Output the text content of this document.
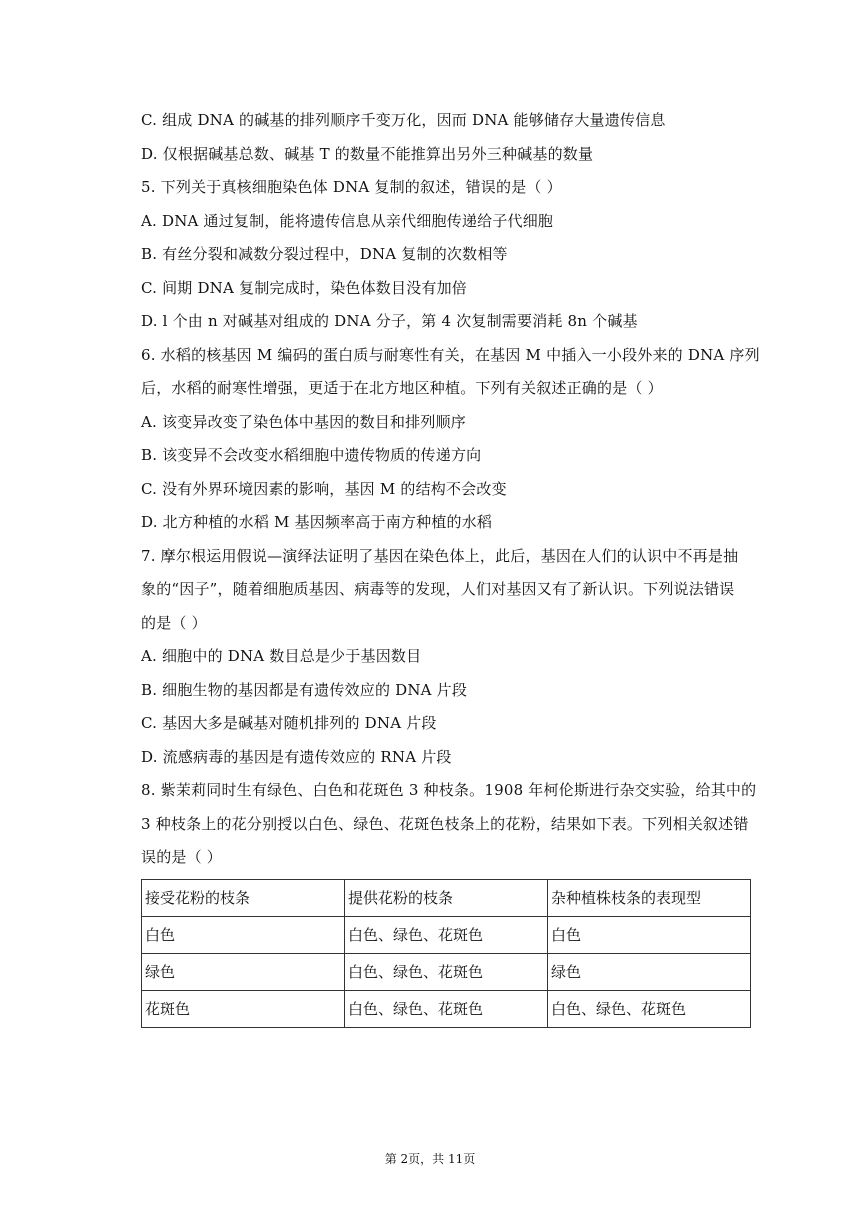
C. 组成 DNA 的碱基的排列顺序千变万化，因而 DNA 能够储存大量遗传信息
D. 仅根据碱基总数、碱基 T 的数量不能推算出另外三种碱基的数量
5. 下列关于真核细胞染色体 DNA 复制的叙述，错误的是（ ）
A. DNA 通过复制，能将遗传信息从亲代细胞传递给子代细胞
B. 有丝分裂和减数分裂过程中，DNA 复制的次数相等
C. 间期 DNA 复制完成时，染色体数目没有加倍
D. l 个由 n 对碱基对组成的 DNA 分子，第 4 次复制需要消耗 8n 个碱基
6. 水稻的核基因 M 编码的蛋白质与耐寒性有关，在基因 M 中插入一小段外来的 DNA 序列
后，水稻的耐寒性增强，更适于在北方地区种植。下列有关叙述正确的是（ ）
A. 该变异改变了染色体中基因的数目和排列顺序
B. 该变异不会改变水稻细胞中遗传物质的传递方向
C. 没有外界环境因素的影响，基因 M 的结构不会改变
D. 北方种植的水稻 M 基因频率高于南方种植的水稻
7. 摩尔根运用假说—演绎法证明了基因在染色体上，此后，基因在人们的认识中不再是抽
象的“因子”，随着细胞质基因、病毒等的发现，人们对基因又有了新认识。下列说法错误
的是（ ）
A. 细胞中的 DNA 数目总是少于基因数目
B. 细胞生物的基因都是有遗传效应的 DNA 片段
C. 基因大多是碱基对随机排列的 DNA 片段
D. 流感病毒的基因是有遗传效应的 RNA 片段
8. 紫茉莉同时生有绿色、白色和花斑色 3 种枝条。1908 年柯伦斯进行杂交实验，给其中的
3 种枝条上的花分别授以白色、绿色、花斑色枝条上的花粉，结果如下表。下列相关叙述错
误的是（ ）
接受花粉的枝条	提供花粉的枝条	杂种植株枝条的表现型
白色	白色、绿色、花斑色	白色
绿色	白色、绿色、花斑色	绿色
花斑色	白色、绿色、花斑色	白色、绿色、花斑色
第 2页，共 11页
